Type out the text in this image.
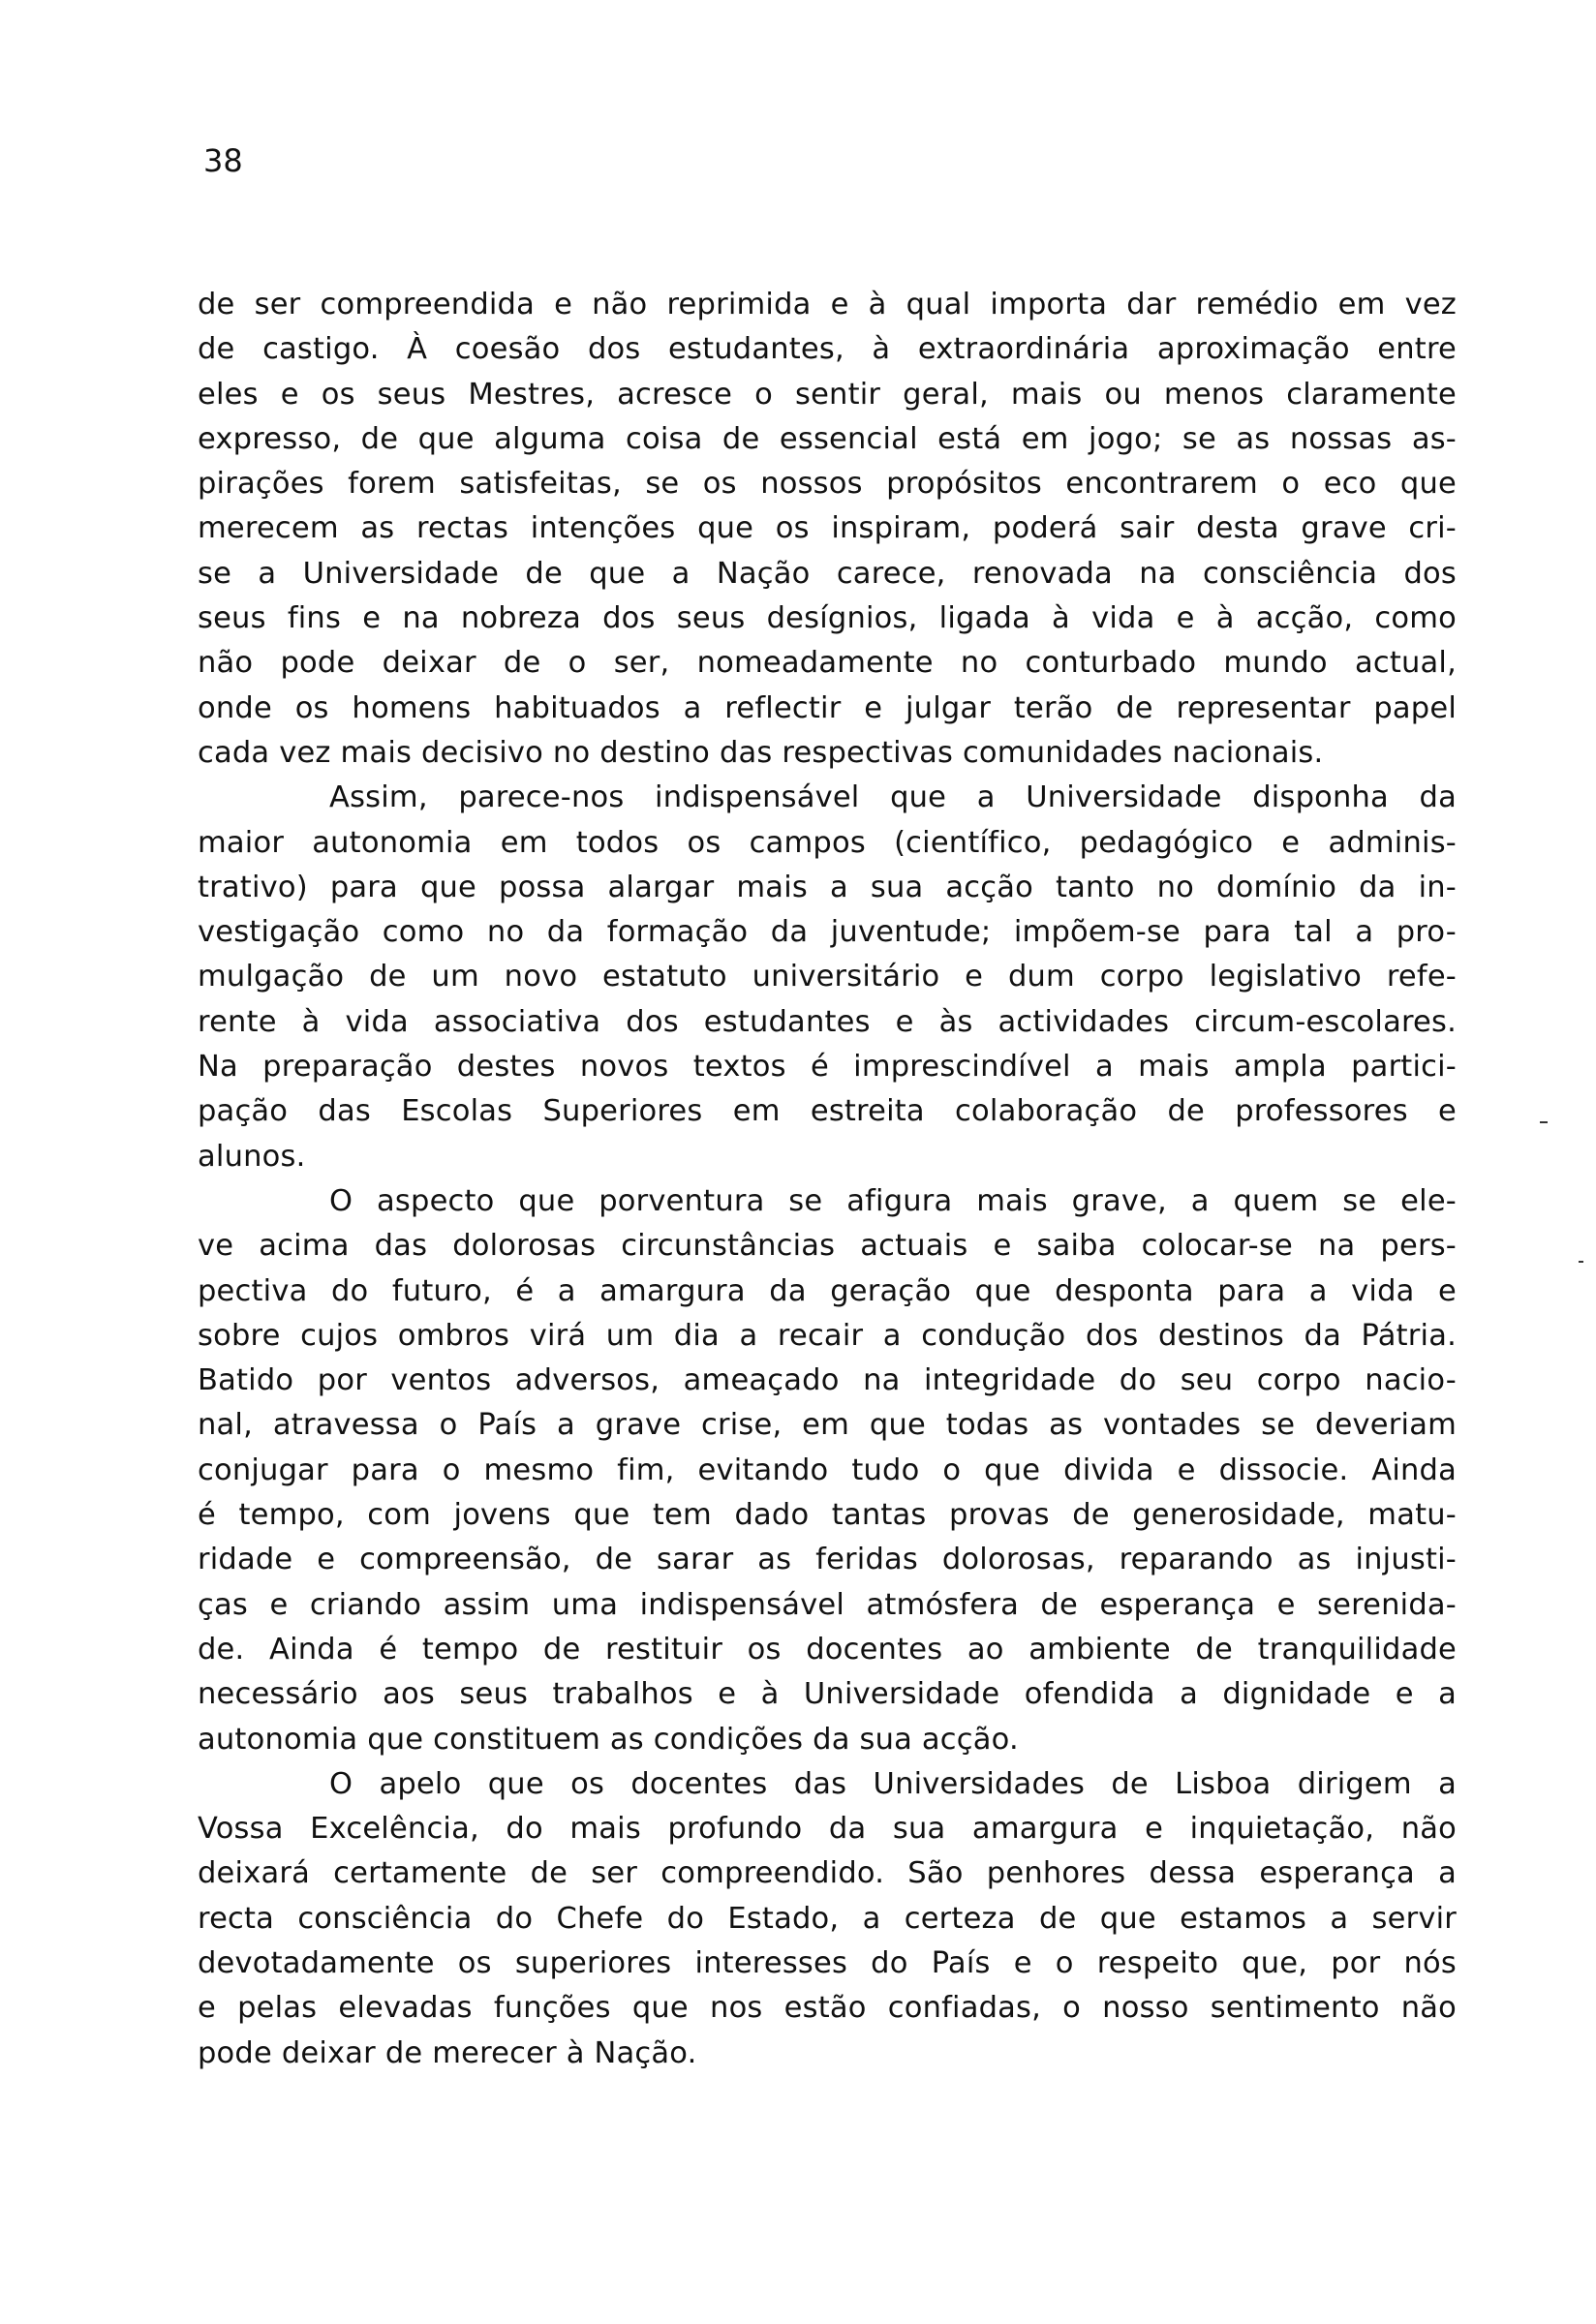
38
de ser compreendida e não reprimida e à qual importa dar remédio em vez
de castigo. À coesão dos estudantes, à extraordinária aproximação entre
eles e os seus Mestres, acresce o sentir geral, mais ou menos claramente
expresso, de que alguma coisa de essencial está em jogo; se as nossas as-
pirações forem satisfeitas, se os nossos propósitos encontrarem o eco que
merecem as rectas intenções que os inspiram, poderá sair desta grave cri-
se a Universidade de que a Nação carece, renovada na consciência dos
seus fins e na nobreza dos seus desígnios, ligada à vida e à acção, como
não pode deixar de o ser, nomeadamente no conturbado mundo actual,
onde os homens habituados a reflectir e julgar terão de representar papel
cada vez mais decisivo no destino das respectivas comunidades nacionais.
Assim, parece-nos indispensável que a Universidade disponha da
maior autonomia em todos os campos (científico, pedagógico e adminis-
trativo) para que possa alargar mais a sua acção tanto no domínio da in-
vestigação como no da formação da juventude; impõem-se para tal a pro-
mulgação de um novo estatuto universitário e dum corpo legislativo refe-
rente à vida associativa dos estudantes e às actividades circum-escolares.
Na preparação destes novos textos é imprescindível a mais ampla partici-
pação das Escolas Superiores em estreita colaboração de professores e
alunos.
O aspecto que porventura se afigura mais grave, a quem se ele-
ve acima das dolorosas circunstâncias actuais e saiba colocar-se na pers-
pectiva do futuro, é a amargura da geração que desponta para a vida e
sobre cujos ombros virá um dia a recair a condução dos destinos da Pátria.
Batido por ventos adversos, ameaçado na integridade do seu corpo nacio-
nal, atravessa o País a grave crise, em que todas as vontades se deveriam
conjugar para o mesmo fim, evitando tudo o que divida e dissocie. Ainda
é tempo, com jovens que tem dado tantas provas de generosidade, matu-
ridade e compreensão, de sarar as feridas dolorosas, reparando as injusti-
ças e criando assim uma indispensável atmósfera de esperança e serenida-
de. Ainda é tempo de restituir os docentes ao ambiente de tranquilidade
necessário aos seus trabalhos e à Universidade ofendida a dignidade e a
autonomia que constituem as condições da sua acção.
O apelo que os docentes das Universidades de Lisboa dirigem a
Vossa Excelência, do mais profundo da sua amargura e inquietação, não
deixará certamente de ser compreendido. São penhores dessa esperança a
recta consciência do Chefe do Estado, a certeza de que estamos a servir
devotadamente os superiores interesses do País e o respeito que, por nós
e pelas elevadas funções que nos estão confiadas, o nosso sentimento não
pode deixar de merecer à Nação.
